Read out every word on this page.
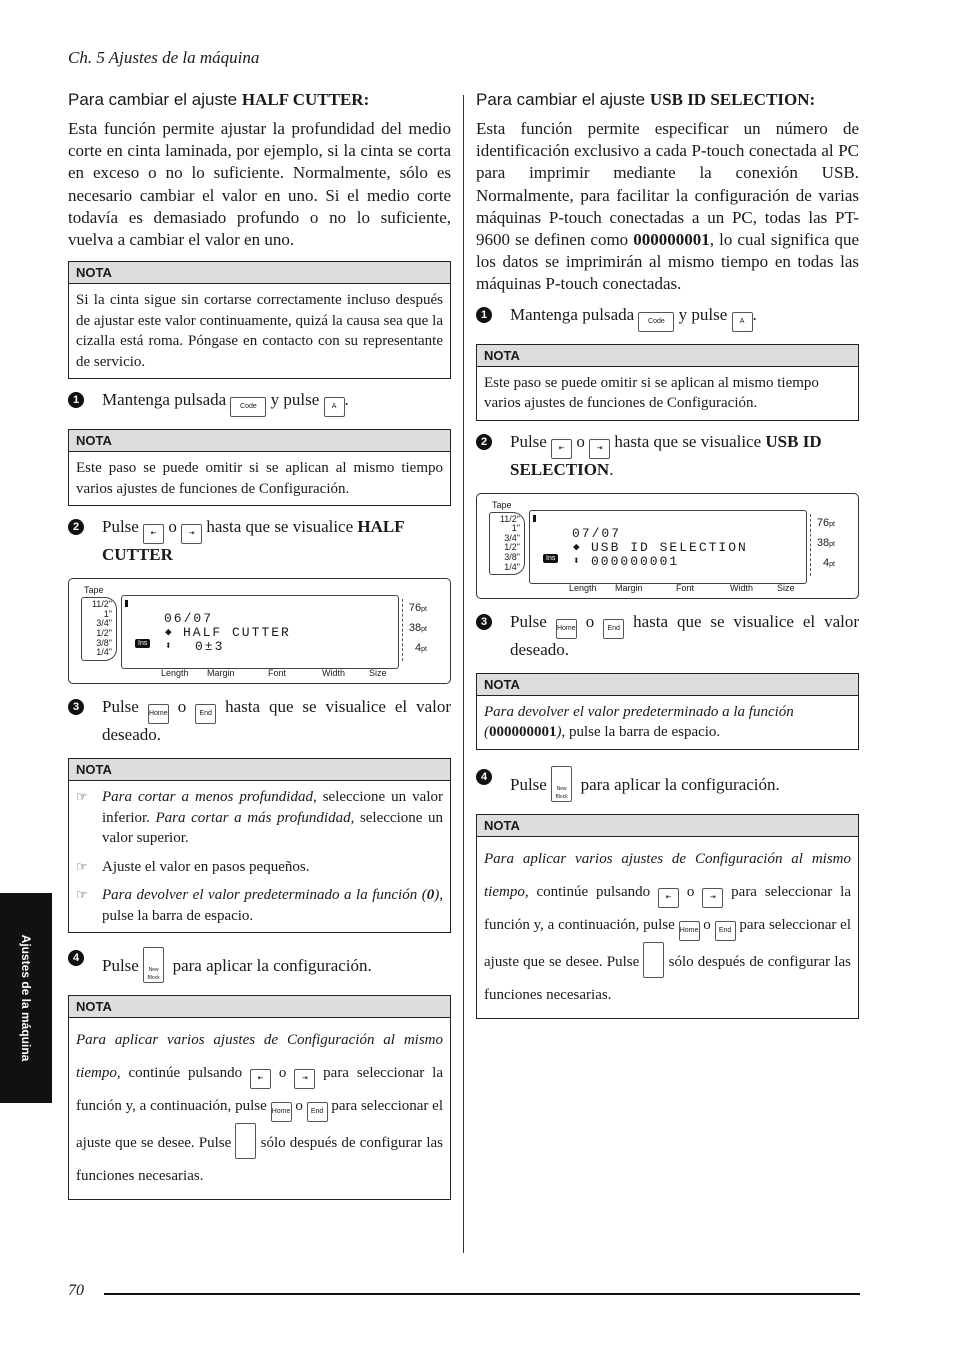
Ch. 5 Ajustes de la máquina
Para cambiar el ajuste HALF CUTTER:

Esta función permite ajustar la profundidad del medio corte en cinta laminada, por ejemplo, si la cinta se corta en exceso o no lo suficiente. Normalmente, sólo es necesario cambiar el valor en uno. Si el medio corte todavía es demasiado profundo o no lo suficiente, vuelva a cambiar el valor en uno.

NOTA
Si la cinta sigue sin cortarse correctamente incluso después de ajustar este valor continuamente, quizá la causa sea que la cizalla está roma. Póngase en contacto con su representante de servicio.
1	Mantenga pulsada Code y pulse A .
NOTA
Este paso se puede omitir si se aplican al mismo tiempo varios ajustes de funciones de Configuración.
2	Pulse ⇤ o ⇥ hasta que se visualice HALF CUTTER
Tape
11/2"
1"
3/4"
1/2"
3/8"
1/4"
06/07
◆ HALF CUTTER
Ins ⬍ 0±3
76pt
38pt
4pt
Length Margin	Font	Width	Size
3	Pulse Home o End hasta que se visualice el valor deseado.
NOTA
☞ Para cortar a menos profundidad, seleccione un valor inferior. Para cortar a más profundidad, seleccione un valor superior.
☞ Ajuste el valor en pasos pequeños.
☞ Para devolver el valor predeterminado a la función (0), pulse la barra de espacio.
4	Pulse	New Block
para aplicar la configuración.
NOTA
Para aplicar varios ajustes de Configuración al mismo tiempo, continúe pulsando ⇤ o ⇥ para seleccionar la función y, a continuación, pulse Home o End para seleccionar el ajuste que se desee. Pulse  sólo después de configurar las funciones necesarias.
Para cambiar el ajuste USB ID SELECTION:

Esta función permite especificar un número de identificación exclusivo a cada P-touch conectada al PC para imprimir mediante la conexión USB. Normalmente, para facilitar la configuración de varias máquinas P-touch conectadas a un PC, todas las PT-9600 se definen como 000000001, lo cual significa que los datos se imprimirán al mismo tiempo en todas las máquinas P-touch conectadas.

1	Mantenga pulsada Code y pulse A .
NOTA
Este paso se puede omitir si se aplican al mismo tiempo varios ajustes de funciones de Configuración.
2	Pulse ⇤ o ⇥ hasta que se visualice USB ID SELECTION.
Tape
11/2"
1"
3/4"
1/2"
3/8"
1/4"
07/07
◆ USB ID SELECTION
Ins ⬍ 000000001
76pt
38pt
4pt
Length Margin	Font	Width	Size
3	Pulse Home o End hasta que se visualice el valor deseado.
NOTA
Para devolver el valor predeterminado a la función (000000001), pulse la barra de espacio.
4	Pulse	New Block
para aplicar la configuración.
NOTA
Para aplicar varios ajustes de Configuración al mismo tiempo, continúe pulsando ⇤ o ⇥ para seleccionar la función y, a continuación, pulse Home o End para seleccionar el ajuste que se desee. Pulse  sólo después de configurar las funciones necesarias.
Ajustes de la máquina
70
